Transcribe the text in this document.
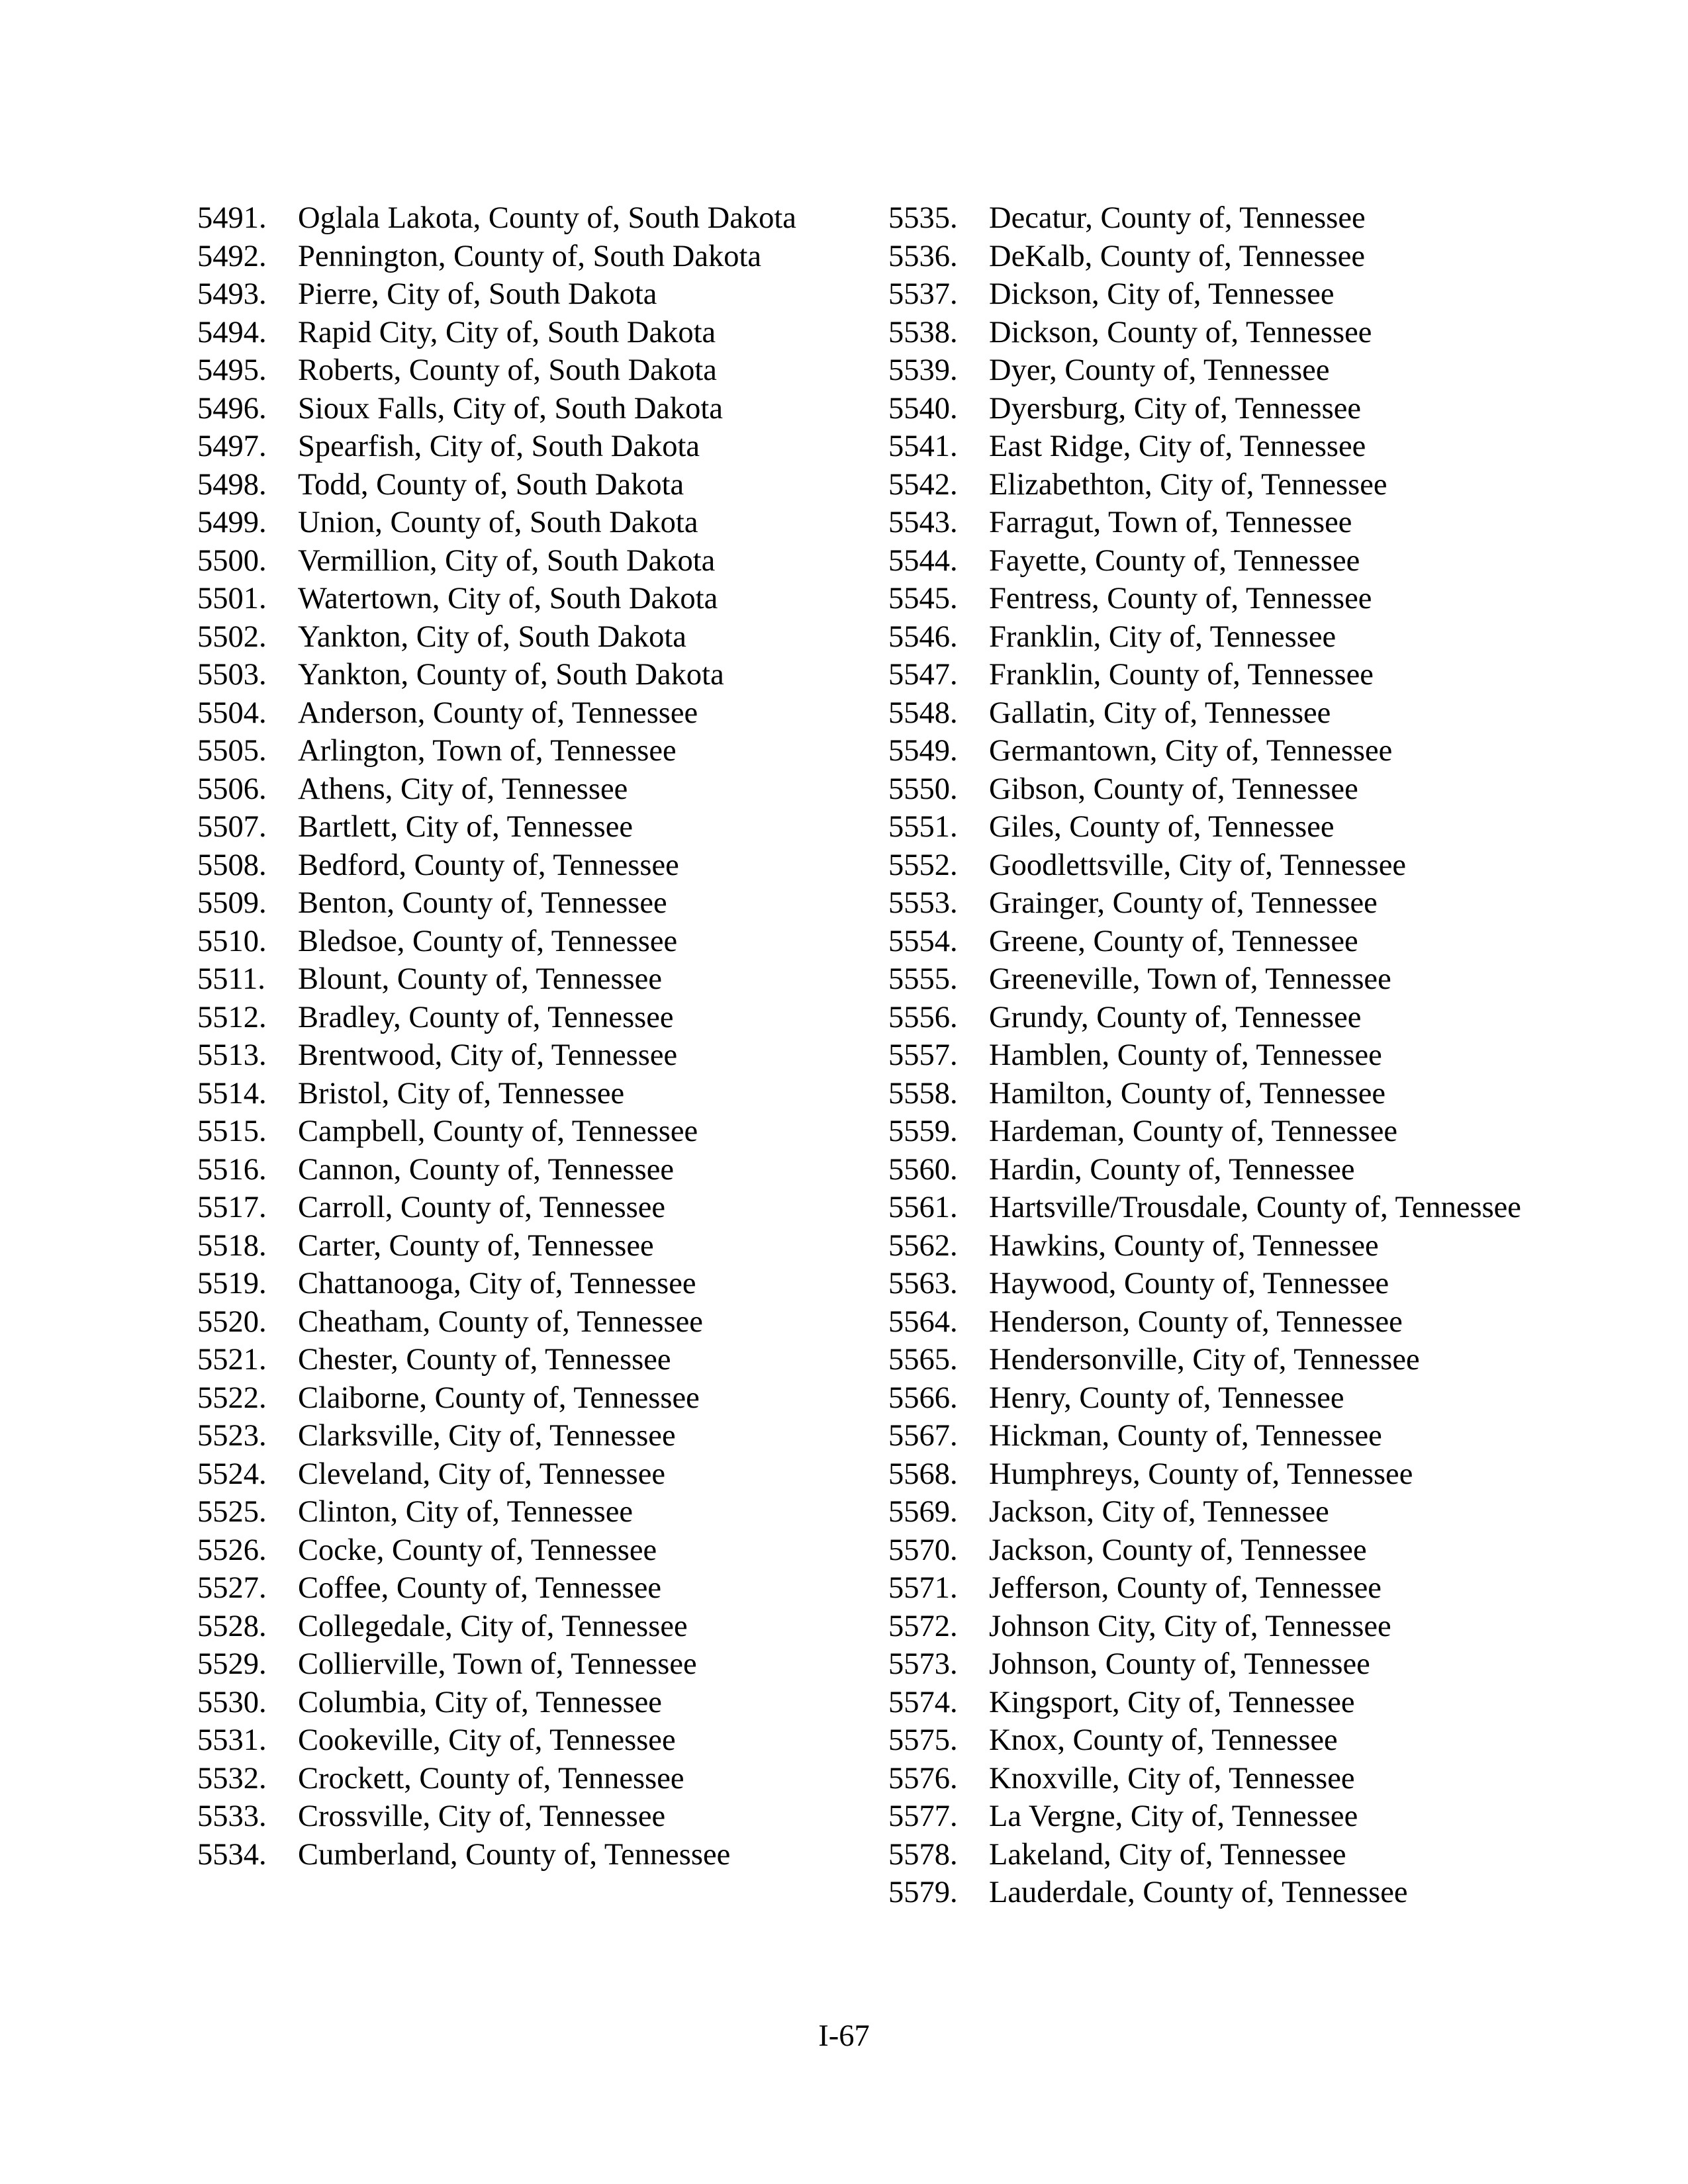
5491.	Oglala Lakota, County of, South Dakota
5492.	Pennington, County of, South Dakota
5493.	Pierre, City of, South Dakota
5494.	Rapid City, City of, South Dakota
5495.	Roberts, County of, South Dakota
5496.	Sioux Falls, City of, South Dakota
5497.	Spearfish, City of, South Dakota
5498.	Todd, County of, South Dakota
5499.	Union, County of, South Dakota
5500.	Vermillion, City of, South Dakota
5501.	Watertown, City of, South Dakota
5502.	Yankton, City of, South Dakota
5503.	Yankton, County of, South Dakota
5504.	Anderson, County of, Tennessee
5505.	Arlington, Town of, Tennessee
5506.	Athens, City of, Tennessee
5507.	Bartlett, City of, Tennessee
5508.	Bedford, County of, Tennessee
5509.	Benton, County of, Tennessee
5510.	Bledsoe, County of, Tennessee
5511.	Blount, County of, Tennessee
5512.	Bradley, County of, Tennessee
5513.	Brentwood, City of, Tennessee
5514.	Bristol, City of, Tennessee
5515.	Campbell, County of, Tennessee
5516.	Cannon, County of, Tennessee
5517.	Carroll, County of, Tennessee
5518.	Carter, County of, Tennessee
5519.	Chattanooga, City of, Tennessee
5520.	Cheatham, County of, Tennessee
5521.	Chester, County of, Tennessee
5522.	Claiborne, County of, Tennessee
5523.	Clarksville, City of, Tennessee
5524.	Cleveland, City of, Tennessee
5525.	Clinton, City of, Tennessee
5526.	Cocke, County of, Tennessee
5527.	Coffee, County of, Tennessee
5528.	Collegedale, City of, Tennessee
5529.	Collierville, Town of, Tennessee
5530.	Columbia, City of, Tennessee
5531.	Cookeville, City of, Tennessee
5532.	Crockett, County of, Tennessee
5533.	Crossville, City of, Tennessee
5534.	Cumberland, County of, Tennessee
5535.	Decatur, County of, Tennessee
5536.	DeKalb, County of, Tennessee
5537.	Dickson, City of, Tennessee
5538.	Dickson, County of, Tennessee
5539.	Dyer, County of, Tennessee
5540.	Dyersburg, City of, Tennessee
5541.	East Ridge, City of, Tennessee
5542.	Elizabethton, City of, Tennessee
5543.	Farragut, Town of, Tennessee
5544.	Fayette, County of, Tennessee
5545.	Fentress, County of, Tennessee
5546.	Franklin, City of, Tennessee
5547.	Franklin, County of, Tennessee
5548.	Gallatin, City of, Tennessee
5549.	Germantown, City of, Tennessee
5550.	Gibson, County of, Tennessee
5551.	Giles, County of, Tennessee
5552.	Goodlettsville, City of, Tennessee
5553.	Grainger, County of, Tennessee
5554.	Greene, County of, Tennessee
5555.	Greeneville, Town of, Tennessee
5556.	Grundy, County of, Tennessee
5557.	Hamblen, County of, Tennessee
5558.	Hamilton, County of, Tennessee
5559.	Hardeman, County of, Tennessee
5560.	Hardin, County of, Tennessee
5561.	Hartsville/Trousdale, County of, Tennessee
5562.	Hawkins, County of, Tennessee
5563.	Haywood, County of, Tennessee
5564.	Henderson, County of, Tennessee
5565.	Hendersonville, City of, Tennessee
5566.	Henry, County of, Tennessee
5567.	Hickman, County of, Tennessee
5568.	Humphreys, County of, Tennessee
5569.	Jackson, City of, Tennessee
5570.	Jackson, County of, Tennessee
5571.	Jefferson, County of, Tennessee
5572.	Johnson City, City of, Tennessee
5573.	Johnson, County of, Tennessee
5574.	Kingsport, City of, Tennessee
5575.	Knox, County of, Tennessee
5576.	Knoxville, City of, Tennessee
5577.	La Vergne, City of, Tennessee
5578.	Lakeland, City of, Tennessee
5579.	Lauderdale, County of, Tennessee
I-67
